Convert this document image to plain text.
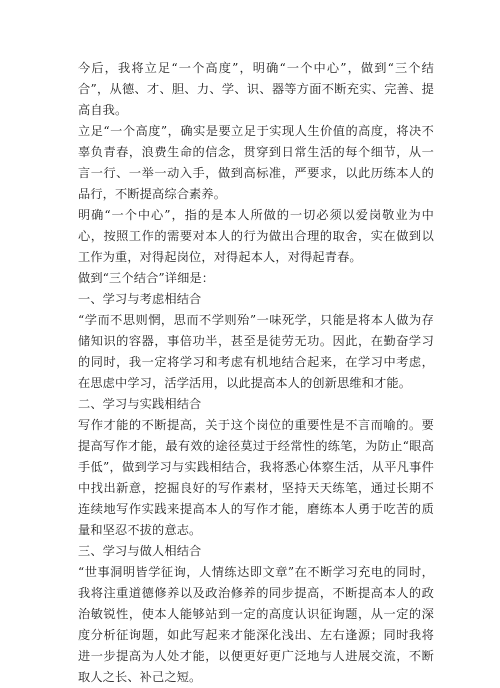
今后，我将立足“一个高度”，明确“一个中心”，做到“三个结合”，从德、才、胆、力、学、识、器等方面不断充实、完善、提高自我。

立足“一个高度”，确实是要立足于实现人生价值的高度，将决不辜负青春，浪费生命的信念，贯穿到日常生活的每个细节，从一言一行、一举一动入手，做到高标准，严要求，以此历练本人的品行，不断提高综合素养。

明确“一个中心”，指的是本人所做的一切必须以爱岗敬业为中心，按照工作的需要对本人的行为做出合理的取舍，实在做到以工作为重，对得起岗位，对得起本人，对得起青春。

做到“三个结合”详细是：

一、学习与考虑相结合

“学而不思则惘，思而不学则殆”一味死学，只能是将本人做为存储知识的容器，事倍功半，甚至是徒劳无功。因此，在勤奋学习的同时，我一定将学习和考虑有机地结合起来，在学习中考虑，在思虑中学习，活学活用，以此提高本人的创新思维和才能。

二、学习与实践相结合

写作才能的不断提高，关于这个岗位的重要性是不言而喻的。要提高写作才能，最有效的途径莫过于经常性的练笔，为防止“眼高手低”，做到学习与实践相结合，我将悉心体察生活，从平凡事件中找出新意，挖掘良好的写作素材，坚持天天练笔，通过长期不连续地写作实践来提高本人的写作才能，磨练本人勇于吃苦的质量和坚忍不拔的意志。

三、学习与做人相结合

“世事洞明皆学征询，人情练达即文章”在不断学习充电的同时，我将注重道德修养以及政治修养的同步提高，不断提高本人的政治敏锐性，使本人能够站到一定的高度认识征询题，从一定的深度分析征询题，如此写起来才能深化浅出、左右逢源；同时我将进一步提高为人处才能，以便更好更广泛地与人进展交流，不断取人之长、补己之短。
